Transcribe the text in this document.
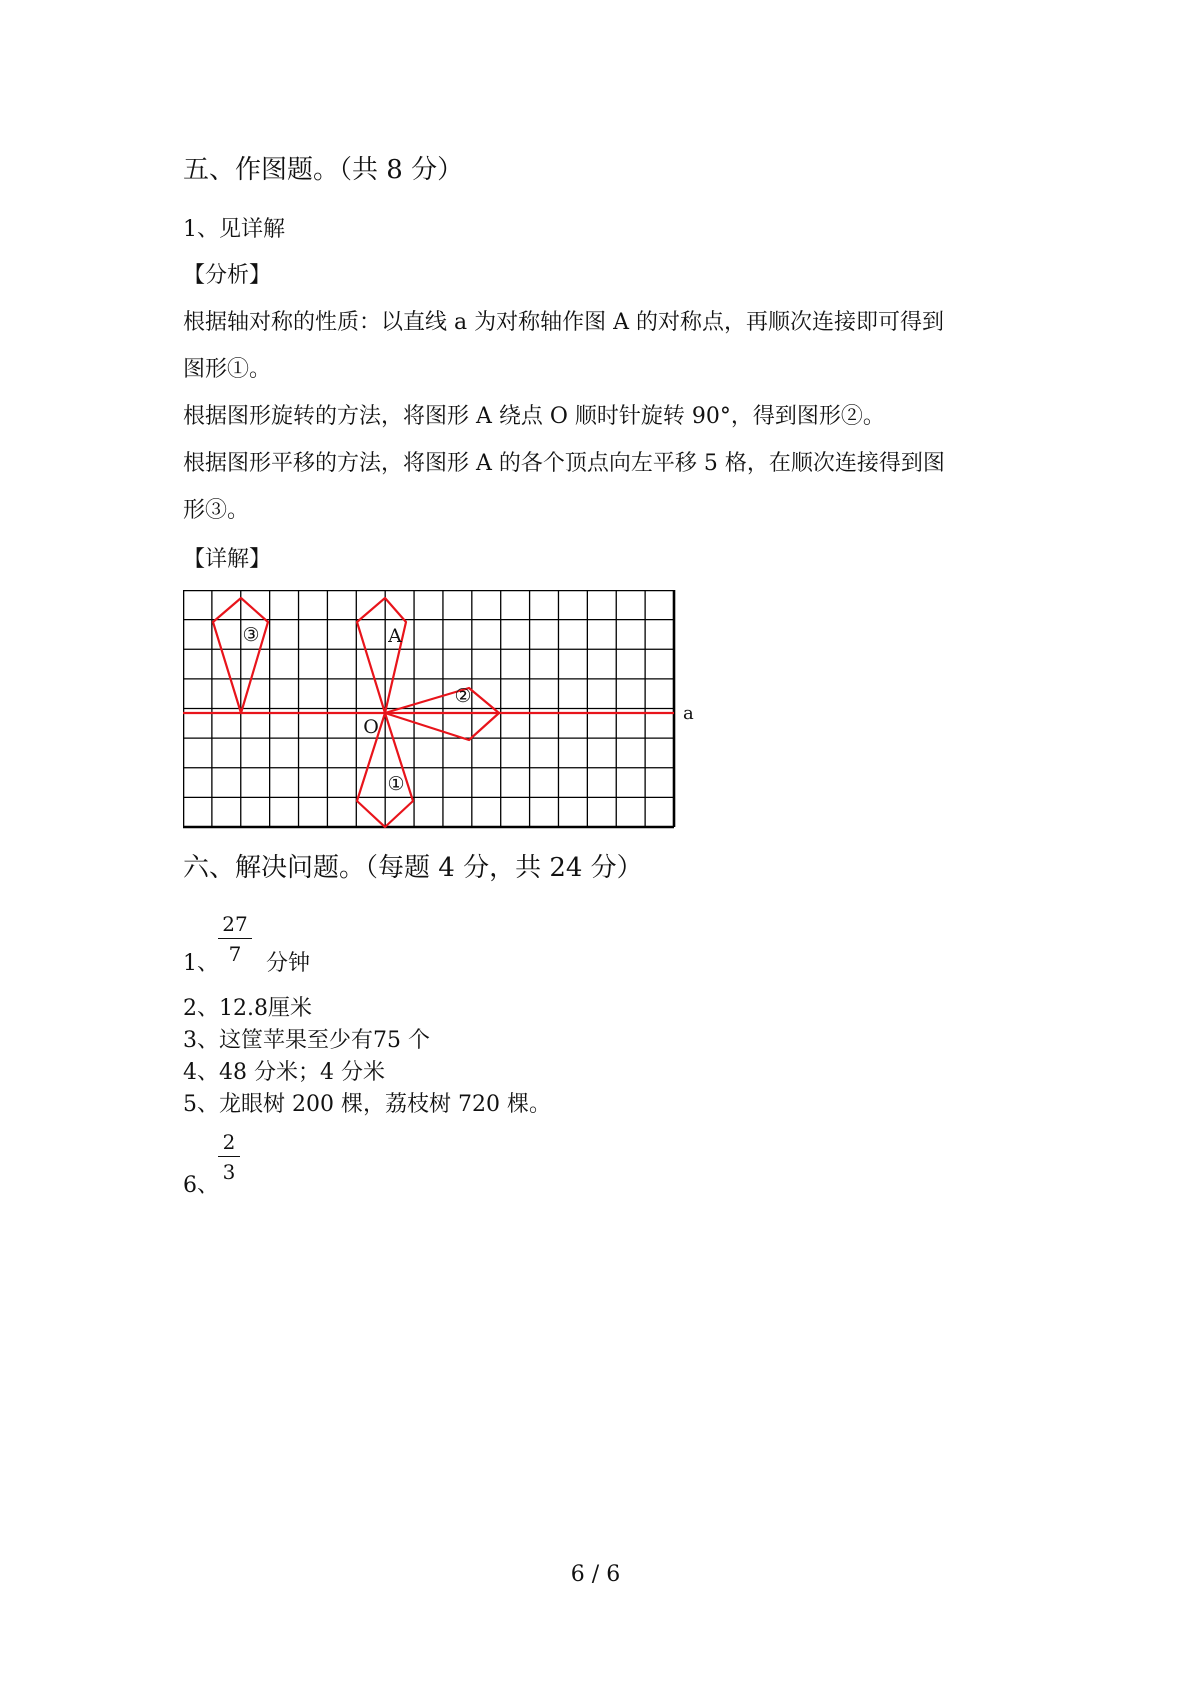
五、作图题。（共 8 分）
1、见详解
【分析】
根据轴对称的性质：以直线 a 为对称轴作图 A 的对称点，再顺次连接即可得到
图形①。
根据图形旋转的方法，将图形 A 绕点 O 顺时针旋转 90°，得到图形②。
根据图形平移的方法，将图形 A 的各个顶点向左平移 5 格，在顺次连接得到图
形③。
【详解】
③	A
②
O
①
a
六、解决问题。（每题 4 分，共 24 分）
1、
27
7	分钟
2、12.8厘米
3、这筐苹果至少有75 个
4、48 分米；4 分米
5、龙眼树 200 棵，荔枝树 720 棵。
6、
2
3
6 / 6
